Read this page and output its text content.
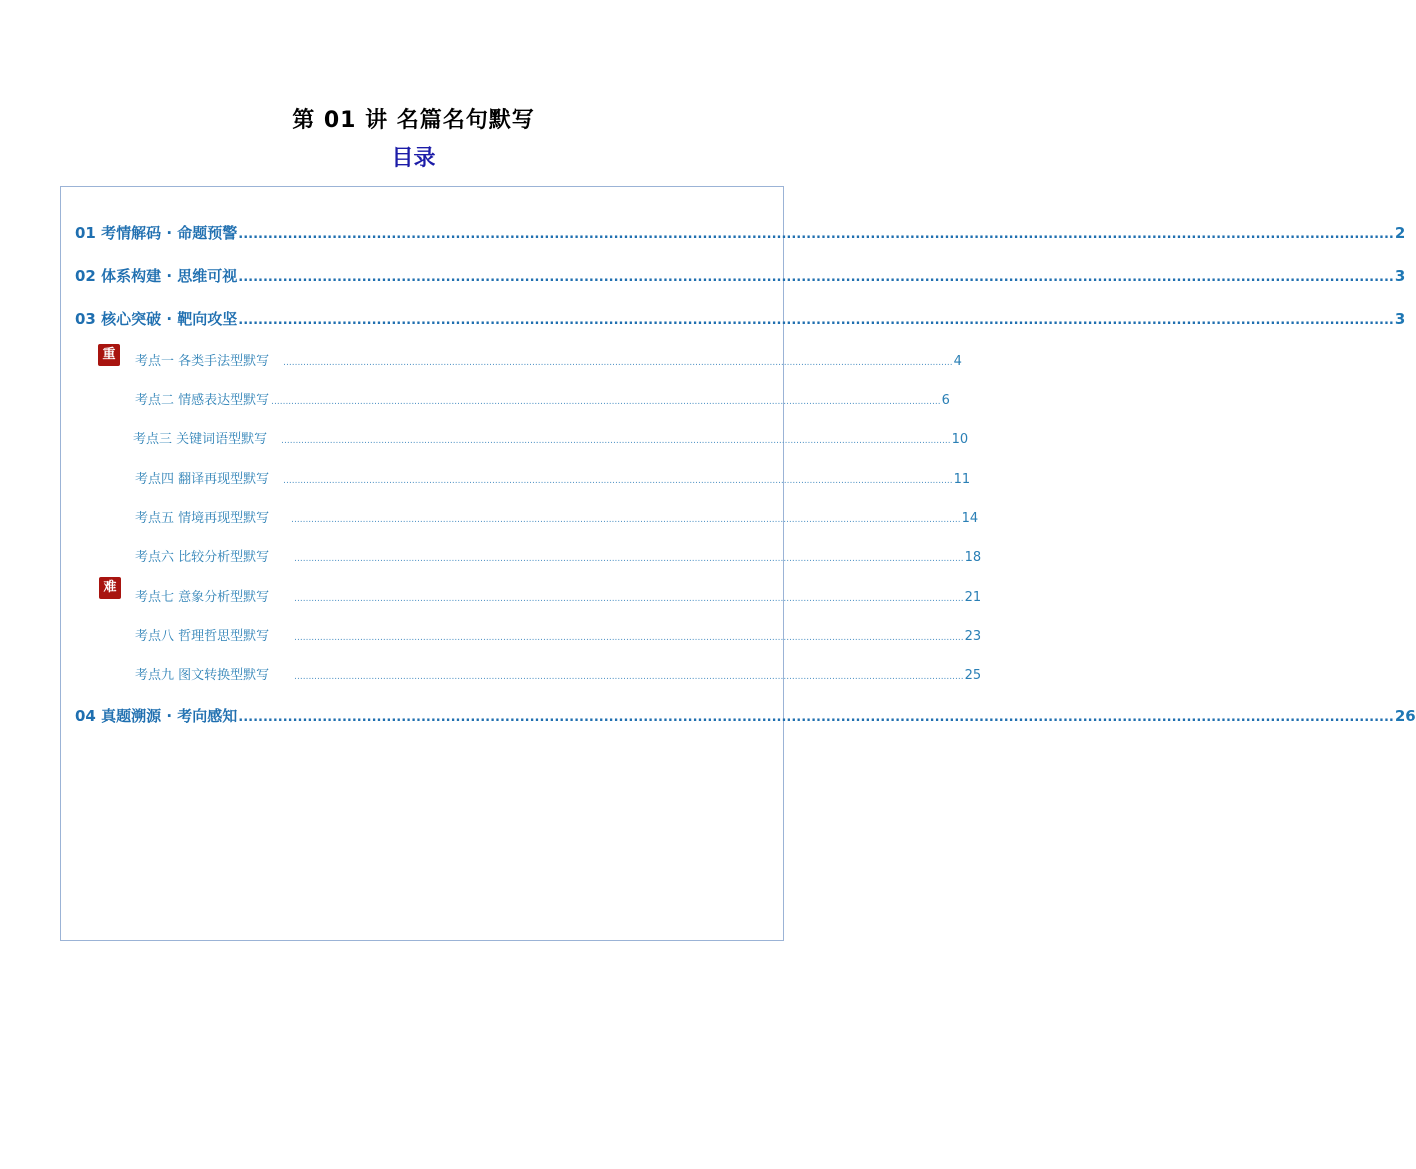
第 01 讲 名篇名句默写
目录
01 考情解码 · 命题预警 .......................................................................................................................................................................................................................................... 2
02 体系构建 · 思维可视 .......................................................................................................................................................................................................................................... 3
03 核心突破 · 靶向攻坚 .......................................................................................................................................................................................................................................... 3
重
难
考点一 各类手法型默写 .......................................................................................................................................................................................................................................... 4
考点二 情感表达型默写 .......................................................................................................................................................................................................................................... 6
考点三 关键词语型默写 .......................................................................................................................................................................................................................................... 10
考点四 翻译再现型默写 .......................................................................................................................................................................................................................................... 11
考点五 情境再现型默写 .......................................................................................................................................................................................................................................... 14
考点六 比较分析型默写	.......................................................................................................................................................................................................................................... 18
考点七 意象分析型默写	.......................................................................................................................................................................................................................................... 21
考点八 哲理哲思型默写	.......................................................................................................................................................................................................................................... 23
考点九 图文转换型默写	.......................................................................................................................................................................................................................................... 25
04 真题溯源 · 考向感知 .......................................................................................................................................................................................................................................... 26
